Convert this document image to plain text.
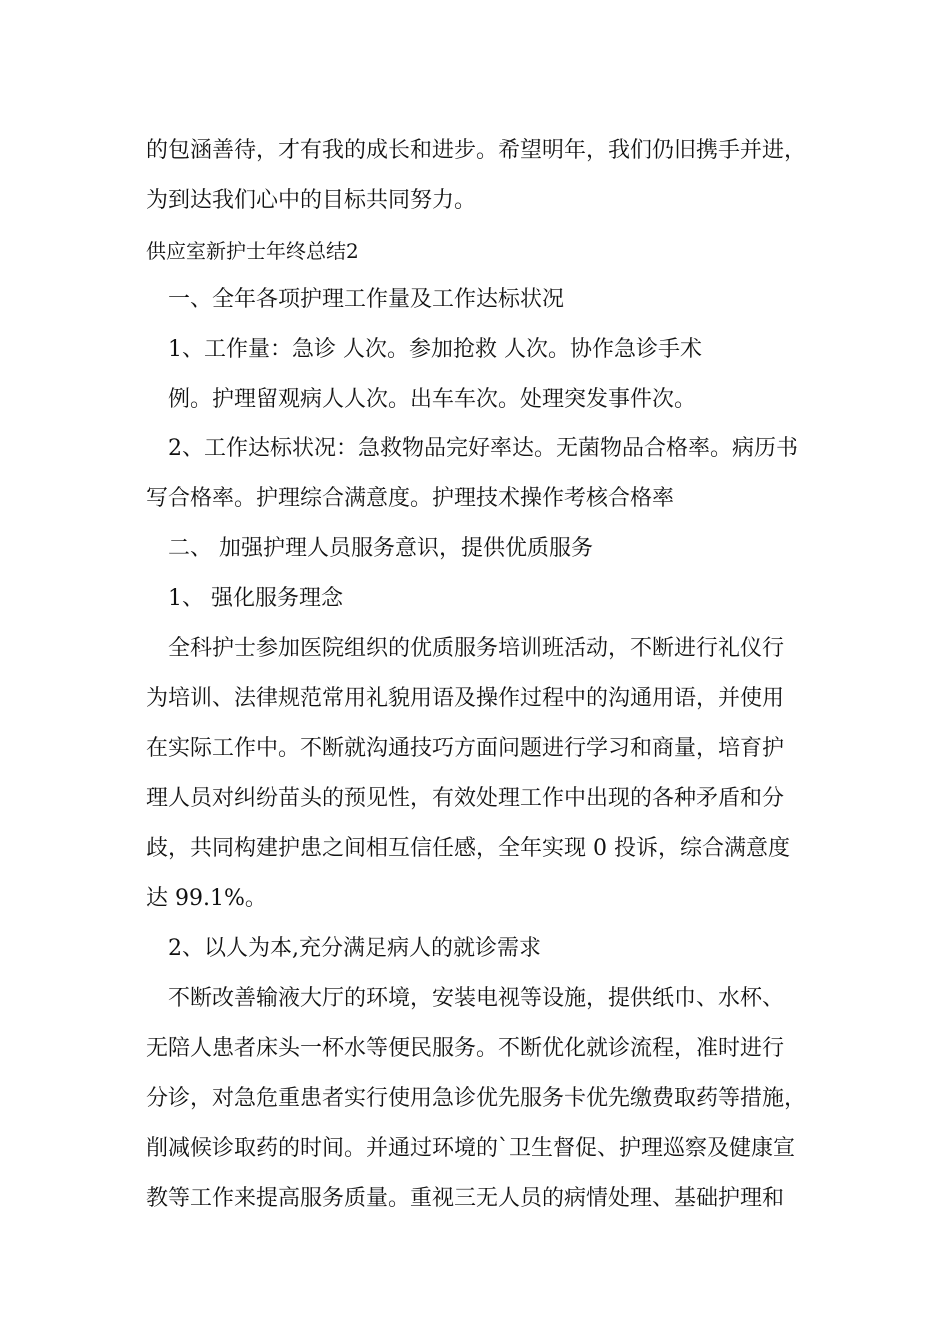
的包涵善待，才有我的成长和进步。希望明年，我们仍旧携手并进，
为到达我们心中的目标共同努力。
供应室新护士年终总结2
　一、全年各项护理工作量及工作达标状况
　1、工作量：急诊 人次。参加抢救 人次。协作急诊手术
　例。护理留观病人人次。出车车次。处理突发事件次。
　2、工作达标状况：急救物品完好率达。无菌物品合格率。病历书
写合格率。护理综合满意度。护理技术操作考核合格率
　二、 加强护理人员服务意识，提供优质服务
　1、 强化服务理念
　全科护士参加医院组织的优质服务培训班活动，不断进行礼仪行
为培训、法律规范常用礼貌用语及操作过程中的沟通用语，并使用
在实际工作中。不断就沟通技巧方面问题进行学习和商量，培育护
理人员对纠纷苗头的预见性，有效处理工作中出现的各种矛盾和分
歧，共同构建护患之间相互信任感，全年实现 0 投诉，综合满意度
达 99.1%。
　2、以人为本,充分满足病人的就诊需求
　不断改善输液大厅的环境，安装电视等设施，提供纸巾、水杯、
无陪人患者床头一杯水等便民服务。不断优化就诊流程，准时进行
分诊，对急危重患者实行使用急诊优先服务卡优先缴费取药等措施，
削减候诊取药的时间。并通过环境的`卫生督促、护理巡察及健康宣
教等工作来提高服务质量。重视三无人员的病情处理、基础护理和
